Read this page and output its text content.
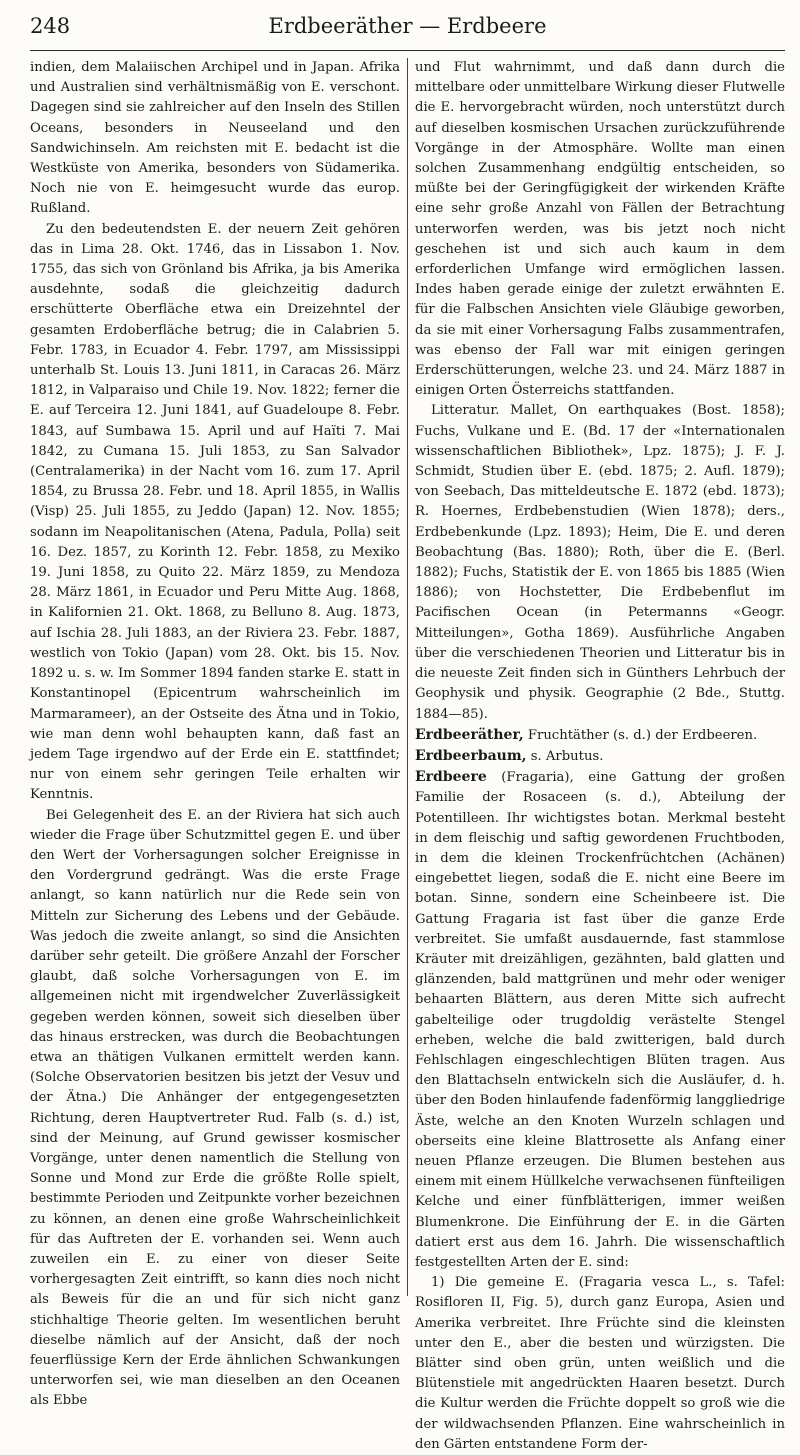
248	Erdbeeräther — Erdbeere

indien, dem Malaiischen Archipel und in Japan. Afrika und Australien sind verhältnismäßig von E. verschont. Dagegen sind sie zahlreicher auf den Inseln des Stillen Oceans, besonders in Neuseeland und den Sandwichinseln. Am reichsten mit E. bedacht ist die Westküste von Amerika, besonders von Südamerika. Noch nie von E. heimgesucht wurde das europ. Rußland.

Zu den bedeutendsten E. der neuern Zeit gehören das in Lima 28. Okt. 1746, das in Lissabon 1. Nov. 1755, das sich von Grönland bis Afrika, ja bis Amerika ausdehnte, sodaß die gleichzeitig dadurch erschütterte Oberfläche etwa ein Dreizehntel der gesamten Erdoberfläche betrug; die in Calabrien 5. Febr. 1783, in Ecuador 4. Febr. 1797, am Mississippi unterhalb St. Louis 13. Juni 1811, in Caracas 26. März 1812, in Valparaiso und Chile 19. Nov. 1822; ferner die E. auf Terceira 12. Juni 1841, auf Guadeloupe 8. Febr. 1843, auf Sumbawa 15. April und auf Haïti 7. Mai 1842, zu Cumana 15. Juli 1853, zu San Salvador (Centralamerika) in der Nacht vom 16. zum 17. April 1854, zu Brussa 28. Febr. und 18. April 1855, in Wallis (Visp) 25. Juli 1855, zu Jeddo (Japan) 12. Nov. 1855; sodann im Neapolitanischen (Atena, Padula, Polla) seit 16. Dez. 1857, zu Korinth 12. Febr. 1858, zu Mexiko 19. Juni 1858, zu Quito 22. März 1859, zu Mendoza 28. März 1861, in Ecuador und Peru Mitte Aug. 1868, in Kalifornien 21. Okt. 1868, zu Belluno 8. Aug. 1873, auf Ischia 28. Juli 1883, an der Riviera 23. Febr. 1887, westlich von Tokio (Japan) vom 28. Okt. bis 15. Nov. 1892 u. s. w. Im Sommer 1894 fanden starke E. statt in Konstantinopel (Epicentrum wahrscheinlich im Marmarameer), an der Ostseite des Ätna und in Tokio, wie man denn wohl behaupten kann, daß fast an jedem Tage irgendwo auf der Erde ein E. stattfindet; nur von einem sehr geringen Teile erhalten wir Kenntnis.

Bei Gelegenheit des E. an der Riviera hat sich auch wieder die Frage über Schutzmittel gegen E. und über den Wert der Vorhersagungen solcher Ereignisse in den Vordergrund gedrängt. Was die erste Frage anlangt, so kann natürlich nur die Rede sein von Mitteln zur Sicherung des Lebens und der Gebäude. Was jedoch die zweite anlangt, so sind die Ansichten darüber sehr geteilt. Die größere Anzahl der Forscher glaubt, daß solche Vorhersagungen von E. im allgemeinen nicht mit irgendwelcher Zuverlässigkeit gegeben werden können, soweit sich dieselben über das hinaus erstrecken, was durch die Beobachtungen etwa an thätigen Vulkanen ermittelt werden kann. (Solche Observatorien besitzen bis jetzt der Vesuv und der Ätna.) Die Anhänger der entgegengesetzten Richtung, deren Hauptvertreter Rud. Falb (s. d.) ist, sind der Meinung, auf Grund gewisser kosmischer Vorgänge, unter denen namentlich die Stellung von Sonne und Mond zur Erde die größte Rolle spielt, bestimmte Perioden und Zeitpunkte vorher bezeichnen zu können, an denen eine große Wahrscheinlichkeit für das Auftreten der E. vorhanden sei. Wenn auch zuweilen ein E. zu einer von dieser Seite vorhergesagten Zeit eintrifft, so kann dies noch nicht als Beweis für die an und für sich nicht ganz stichhaltige Theorie gelten. Im wesentlichen beruht dieselbe nämlich auf der Ansicht, daß der noch feuerflüssige Kern der Erde ähnlichen Schwankungen unterworfen sei, wie man dieselben an den Oceanen als Ebbe

und Flut wahrnimmt, und daß dann durch die mittelbare oder unmittelbare Wirkung dieser Flutwelle die E. hervorgebracht würden, noch unterstützt durch auf dieselben kosmischen Ursachen zurückzuführende Vorgänge in der Atmosphäre. Wollte man einen solchen Zusammenhang endgültig entscheiden, so müßte bei der Geringfügigkeit der wirkenden Kräfte eine sehr große Anzahl von Fällen der Betrachtung unterworfen werden, was bis jetzt noch nicht geschehen ist und sich auch kaum in dem erforderlichen Umfange wird ermöglichen lassen. Indes haben gerade einige der zuletzt erwähnten E. für die Falbschen Ansichten viele Gläubige geworben, da sie mit einer Vorhersagung Falbs zusammentrafen, was ebenso der Fall war mit einigen geringen Erderschütterungen, welche 23. und 24. März 1887 in einigen Orten Österreichs stattfanden.

Litteratur. Mallet, On earthquakes (Bost. 1858); Fuchs, Vulkane und E. (Bd. 17 der «Internationalen wissenschaftlichen Bibliothek», Lpz. 1875); J. F. J. Schmidt, Studien über E. (ebd. 1875; 2. Aufl. 1879); von Seebach, Das mitteldeutsche E. 1872 (ebd. 1873); R. Hoernes, Erdbebenstudien (Wien 1878); ders., Erdbebenkunde (Lpz. 1893); Heim, Die E. und deren Beobachtung (Bas. 1880); Roth, über die E. (Berl. 1882); Fuchs, Statistik der E. von 1865 bis 1885 (Wien 1886); von Hochstetter, Die Erdbebenflut im Pacifischen Ocean (in Petermanns «Geogr. Mitteilungen», Gotha 1869). Ausführliche Angaben über die verschiedenen Theorien und Litteratur bis in die neueste Zeit finden sich in Günthers Lehrbuch der Geophysik und physik. Geographie (2 Bde., Stuttg. 1884—85).

Erdbeeräther, Fruchtäther (s. d.) der Erdbeeren.

Erdbeerbaum, s. Arbutus.

Erdbeere (Fragaria), eine Gattung der großen Familie der Rosaceen (s. d.), Abteilung der Potentilleen. Ihr wichtigstes botan. Merkmal besteht in dem fleischig und saftig gewordenen Fruchtboden, in dem die kleinen Trockenfrüchtchen (Achänen) eingebettet liegen, sodaß die E. nicht eine Beere im botan. Sinne, sondern eine Scheinbeere ist. Die Gattung Fragaria ist fast über die ganze Erde verbreitet. Sie umfaßt ausdauernde, fast stammlose Kräuter mit dreizähligen, gezähnten, bald glatten und glänzenden, bald mattgrünen und mehr oder weniger behaarten Blättern, aus deren Mitte sich aufrecht gabelteilige oder trugdoldig verästelte Stengel erheben, welche die bald zwitterigen, bald durch Fehlschlagen eingeschlechtigen Blüten tragen. Aus den Blattachseln entwickeln sich die Ausläufer, d. h. über den Boden hinlaufende fadenförmig langgliedrige Äste, welche an den Knoten Wurzeln schlagen und oberseits eine kleine Blattrosette als Anfang einer neuen Pflanze erzeugen. Die Blumen bestehen aus einem mit einem Hüllkelche verwachsenen fünfteiligen Kelche und einer fünfblätterigen, immer weißen Blumenkrone. Die Einführung der E. in die Gärten datiert erst aus dem 16. Jahrh. Die wissenschaftlich festgestellten Arten der E. sind:

1) Die gemeine E. (Fragaria vesca L., s. Tafel: Rosifloren II, Fig. 5), durch ganz Europa, Asien und Amerika verbreitet. Ihre Früchte sind die kleinsten unter den E., aber die besten und würzigsten. Die Blätter sind oben grün, unten weißlich und die Blütenstiele mit angedrückten Haaren besetzt. Durch die Kultur werden die Früchte doppelt so groß wie die der wildwachsenden Pflanzen. Eine wahrscheinlich in den Gärten entstandene Form der-
